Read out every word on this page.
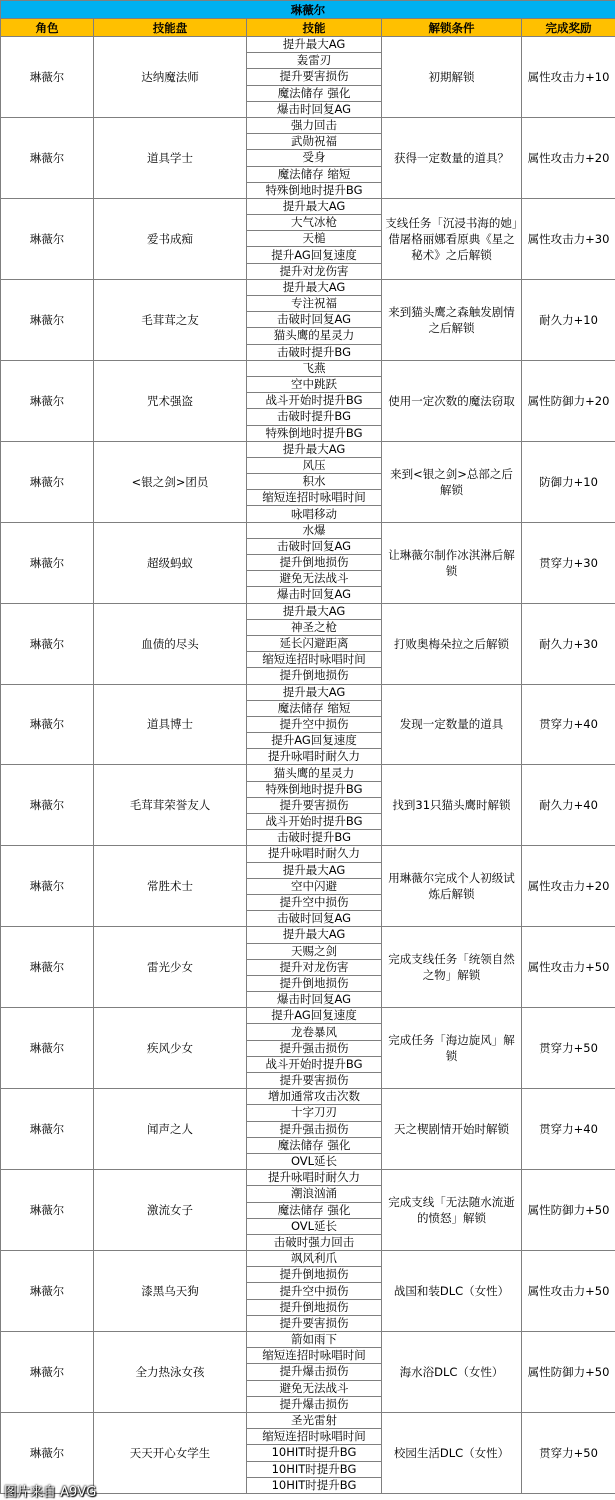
琳薇尔				
角色	技能盘	技能	解锁条件	完成奖励
琳薇尔	达纳魔法师	提升最大AG	初期解锁	属性攻击力+10
		轰雷刃		
		提升要害损伤		
		魔法储存 强化		
		爆击时回复AG		
琳薇尔	道具学士	强力回击	获得一定数量的道具？	属性攻击力+20
		武勋祝福		
		受身		
		魔法储存 缩短		
		特殊倒地时提升BG		
琳薇尔	爱书成痴	提升最大AG	支线任务「沉浸书海的她」借屠格丽娜看原典《星之秘术》之后解锁	属性攻击力+30
		大气冰枪		
		天槌		
		提升AG回复速度		
		提升对龙伤害		
琳薇尔	毛茸茸之友	提升最大AG	来到猫头鹰之森触发剧情之后解锁	耐久力+10
		专注祝福		
		击破时回复AG		
		猫头鹰的星灵力		
		击破时提升BG		
琳薇尔	咒术强盗	飞燕	使用一定次数的魔法窃取	属性防御力+20
		空中跳跃		
		战斗开始时提升BG		
		击破时提升BG		
		特殊倒地时提升BG		
琳薇尔	<银之剑>团员	提升最大AG	来到<银之剑>总部之后解锁	防御力+10
		风压		
		积水		
		缩短连招时咏唱时间		
		咏唱移动		
琳薇尔	超级蚂蚁	水爆	让琳薇尔制作冰淇淋后解锁	贯穿力+30
		击破时回复AG		
		提升倒地损伤		
		避免无法战斗		
		爆击时回复AG		
琳薇尔	血债的尽头	提升最大AG	打败奥梅朵拉之后解锁	耐久力+30
		神圣之枪		
		延长闪避距离		
		缩短连招时咏唱时间		
		提升倒地损伤		
琳薇尔	道具博士	提升最大AG	发现一定数量的道具	贯穿力+40
		魔法储存 缩短		
		提升空中损伤		
		提升AG回复速度		
		提升咏唱时耐久力		
琳薇尔	毛茸茸荣誉友人	猫头鹰的星灵力	找到31只猫头鹰时解锁	耐久力+40
		特殊倒地时提升BG		
		提升要害损伤		
		战斗开始时提升BG		
		击破时提升BG		
琳薇尔	常胜术士	提升咏唱时耐久力	用琳薇尔完成个人初级试炼后解锁	属性攻击力+20
		提升最大AG		
		空中闪避		
		提升空中损伤		
		击破时回复AG		
琳薇尔	雷光少女	提升最大AG	完成支线任务「统领自然之物」解锁	属性攻击力+50
		天赐之剑		
		提升对龙伤害		
		提升倒地损伤		
		爆击时回复AG		
琳薇尔	疾风少女	提升AG回复速度	完成任务「海边旋风」解锁	贯穿力+50
		龙卷暴风		
		提升强击损伤		
		战斗开始时提升BG		
		提升要害损伤		
琳薇尔	闻声之人	增加通常攻击次数	天之楔剧情开始时解锁	贯穿力+40
		十字刀刃		
		提升强击损伤		
		魔法储存 强化		
		OVL延长		
琳薇尔	激流女子	提升咏唱时耐久力	完成支线「无法随水流逝的愤怒」解锁	属性防御力+50
		潮浪汹涌		
		魔法储存 强化		
		OVL延长		
		击破时强力回击		
琳薇尔	漆黑乌天狗	飒风利爪	战国和装DLC（女性）	属性攻击力+50
		提升倒地损伤		
		提升空中损伤		
		提升倒地损伤		
		提升要害损伤		
琳薇尔	全力热泳女孩	箭如雨下	海水浴DLC（女性）	属性防御力+50
		缩短连招时咏唱时间		
		提升爆击损伤		
		避免无法战斗		
		提升爆击损伤		
琳薇尔	天天开心女学生	圣光雷射	校园生活DLC（女性）	贯穿力+50
		缩短连招时咏唱时间		
		10HIT时提升BG		
		10HIT时提升BG		
		10HIT时提升BG		
图片来自 A9VG
